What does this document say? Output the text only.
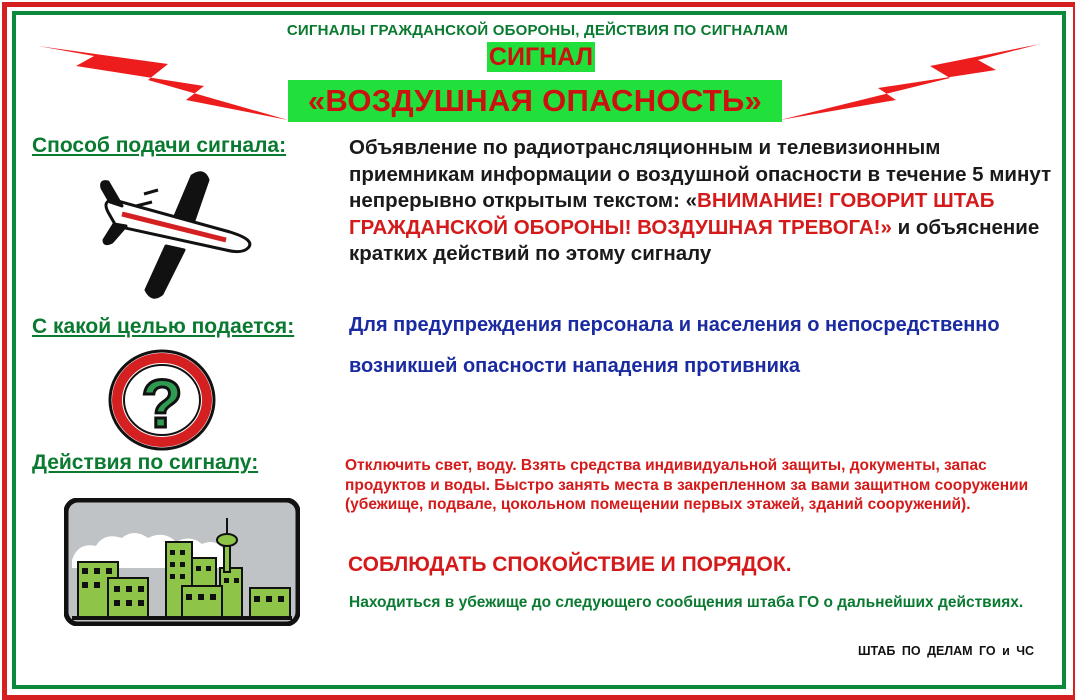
СИГНАЛЫ ГРАЖДАНСКОЙ ОБОРОНЫ, ДЕЙСТВИЯ ПО СИГНАЛАМ
СИГНАЛ
«ВОЗДУШНАЯ ОПАСНОСТЬ»
Способ подачи сигнала:	Объявление по радиотрансляционным и телевизионным приемникам информации о воздушной опасности в течение 5 минут непрерывно открытым текстом: «ВНИМАНИЕ! ГОВОРИТ ШТАБ ГРАЖДАНСКОЙ ОБОРОНЫ! ВОЗДУШНАЯ ТРЕВОГА!» и объяснение кратких действий по этому сигналу
С какой целью подается:
?
Для предупреждения персонала и населения о непосредственно возникшей опасности нападения противника
Действия по сигналу:	Отключить свет, воду. Взять средства индивидуальной защиты, документы, запас продуктов и воды. Быстро занять места в закрепленном за вами защитном сооружении (убежище, подвале, цокольном помещении первых этажей, зданий сооружений).
СОБЛЮДАТЬ СПОКОЙСТВИЕ И ПОРЯДОК.
Находиться в убежище до следующего сообщения штаба ГО о дальнейших действиях.
ШТАБ ПО ДЕЛАМ ГО и ЧС
